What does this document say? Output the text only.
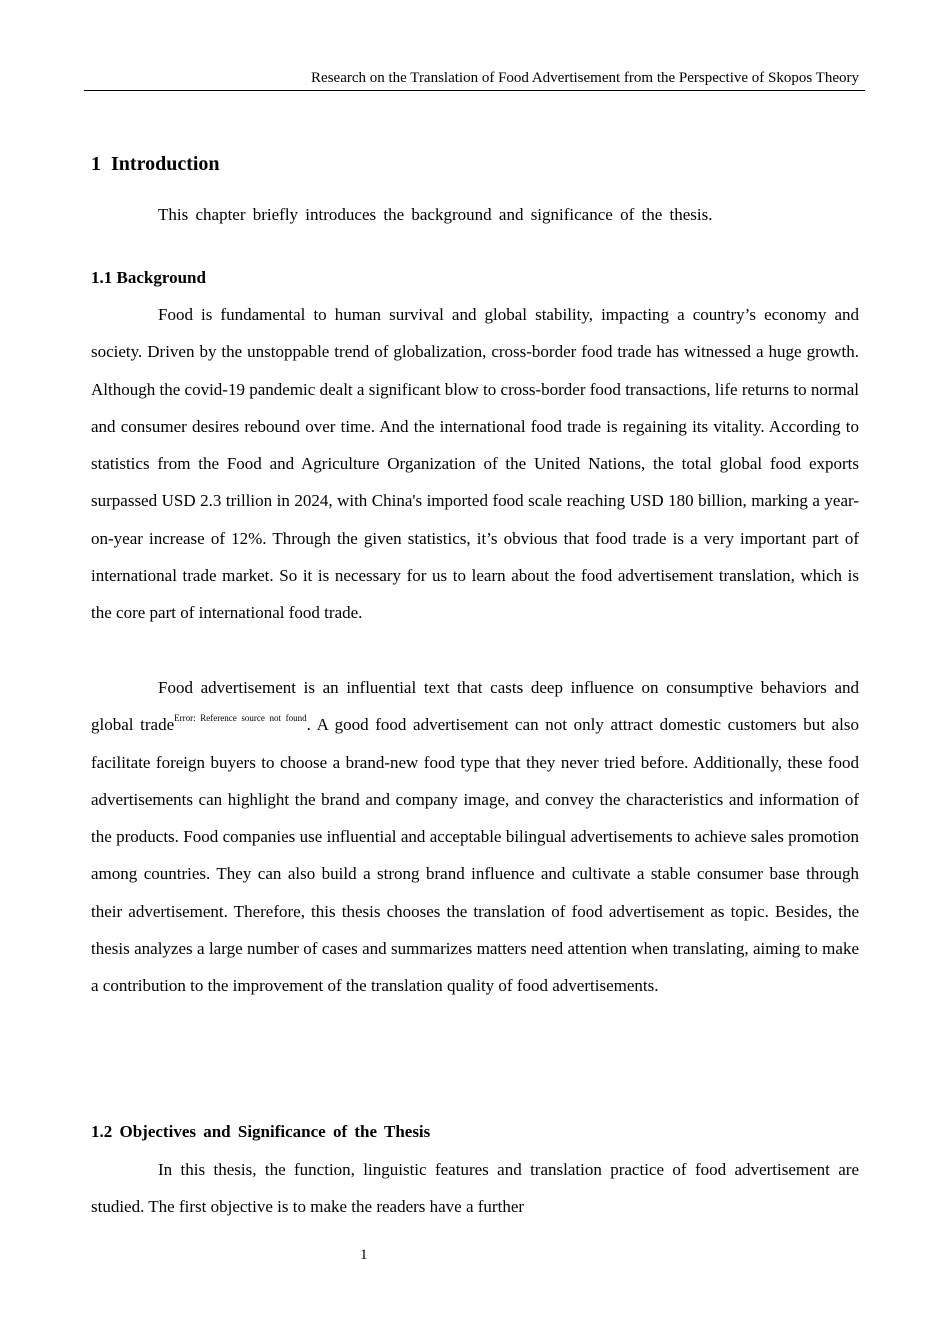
Research on the Translation of Food Advertisement from the Perspective of Skopos Theory
1 Introduction

This chapter briefly introduces the background and significance of the thesis.

1.1 Background

Food is fundamental to human survival and global stability, impacting a country’s economy and society. Driven by the unstoppable trend of globalization, cross-border food trade has witnessed a huge growth. Although the covid-19 pandemic dealt a significant blow to cross-border food transactions, life returns to normal and consumer desires rebound over time. And the international food trade is regaining its vitality. According to statistics from the Food and Agriculture Organization of the United Nations, the total global food exports surpassed USD 2.3 trillion in 2024, with China's imported food scale reaching USD 180 billion, marking a year-on-year increase of 12%. Through the given statistics, it’s obvious that food trade is a very important part of international trade market. So it is necessary for us to learn about the food advertisement translation, which is the core part of international food trade.

Food advertisement is an influential text that casts deep influence on consumptive behaviors and global trade$^{Error: Reference source not found}$. A good food advertisement can not only attract domestic customers but also facilitate foreign buyers to choose a brand-new food type that they never tried before. Additionally, these food advertisements can highlight the brand and company image, and convey the characteristics and information of the products. Food companies use influential and acceptable bilingual advertisements to achieve sales promotion among countries. They can also build a strong brand influence and cultivate a stable consumer base through their advertisement. Therefore, this thesis chooses the translation of food advertisement as topic. Besides, the thesis analyzes a large number of cases and summarizes matters need attention when translating, aiming to make a contribution to the improvement of the translation quality of food advertisements.

1.2 Objectives and Significance of the Thesis

In this thesis, the function, linguistic features and translation practice of food advertisement are studied. The first objective is to make the readers have a further

1
